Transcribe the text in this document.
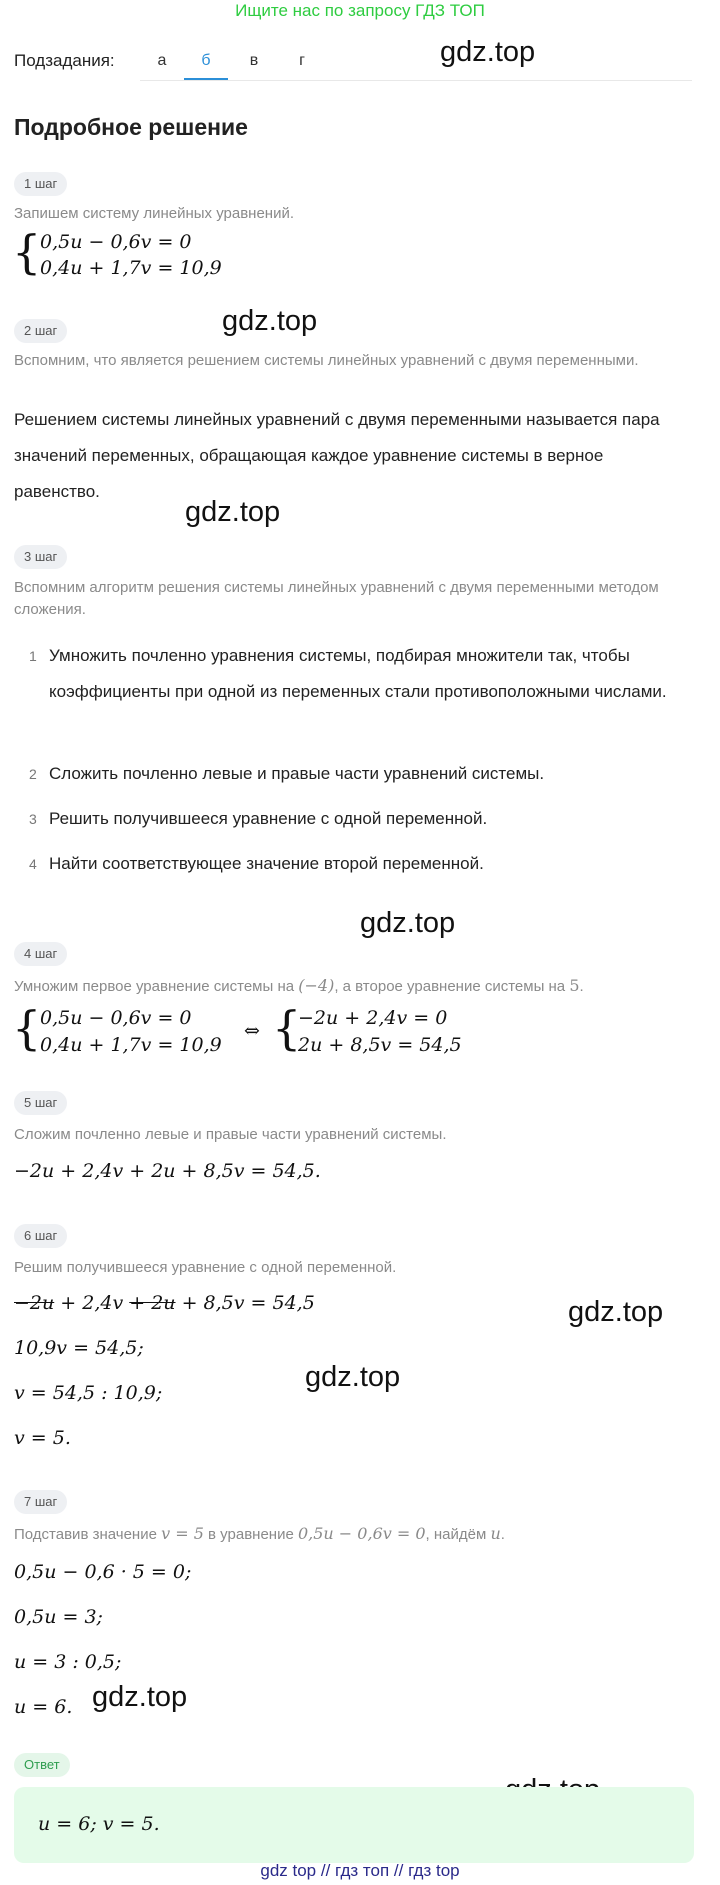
Ищите нас по запросу ГДЗ ТОП
Подзадания:	а	б	в	г	gdz.top
gdz.top
gdz.top
gdz.top
gdz.top
gdz.top
gdz.top
Подробное решение
1 шаг
Запишем систему линейных уравнений.
{
0,5u − 0,6v = 0
0,4u + 1,7v = 10,9
2 шаг
Вспомним, что является решением системы линейных уравнений с двумя переменными.
Решением системы линейных уравнений с двумя переменными называется пара значений переменных, обращающая каждое уравнение системы в верное равенство.
3 шаг
Вспомним алгоритм решения системы линейных уравнений с двумя переменными методом сложения.
1 Умножить почленно уравнения системы, подбирая множители так, чтобы коэффициенты при одной из переменных стали противоположными числами.
2 Сложить почленно левые и правые части уравнений системы.
3 Решить получившееся уравнение с одной переменной.
4 Найти соответствующее значение второй переменной.
4 шаг
Умножим первое уравнение системы на (−4), а второе уравнение системы на 5.
{
0,5u − 0,6v = 0
0,4u + 1,7v = 10,9
⇔ {
−2u + 2,4v = 0
2u + 8,5v = 54,5
5 шаг
Сложим почленно левые и правые части уравнений системы.
−2u + 2,4v + 2u + 8,5v = 54,5.
6 шаг
Решим получившееся уравнение с одной переменной.
−2u + 2,4v + 2u + 8,5v = 54,5
10,9v = 54,5;
v = 54,5 : 10,9;
v = 5.
7 шаг
Подставив значение v = 5 в уравнение 0,5u − 0,6v = 0, найдём u.
0,5u − 0,6 · 5 = 0;
0,5u = 3;
u = 3 : 0,5;
u = 6.
Ответ
u = 6; v = 5.
gdz top // гдз топ // гдз top
